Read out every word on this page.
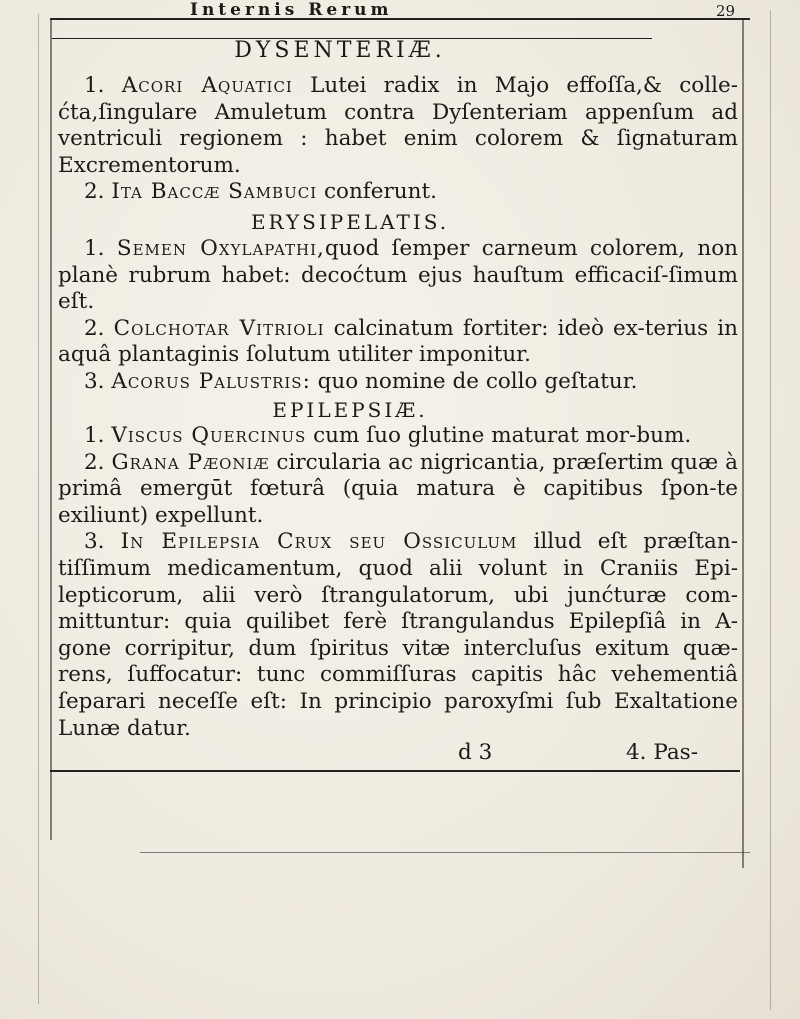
Internis Rerum	29
DYSENTERIÆ.

1. Acori Aquatici Lutei radix in Majo effoſſa,& colle-ćta,ſingulare Amuletum contra Dyſenteriam appenſum ad ventriculi regionem : habet enim colorem & ſignaturam Excrementorum.

2. Ita Baccæ Sambuci conferunt.

ERYSIPELATIS.

1. Semen Oxylapathi,quod ſemper carneum colorem, non planè rubrum habet: decoćtum ejus hauſtum efficaciſ-ſimum eſt.

2. Colchotar Vitrioli calcinatum fortiter: ideò ex-terius in aquâ plantaginis ſolutum utiliter imponitur.

3. Acorus Palustris: quo nomine de collo geſtatur.

EPILEPSIÆ.

1. Viscus Quercinus cum ſuo glutine maturat mor-bum.

2. Grana Pæoniæ circularia ac nigricantia, præſertim quæ à primâ emergūt fœturâ (quia matura è capitibus ſpon-te exiliunt) expellunt.

3. In Epilepſia Crux ſeu Ossiculum illud eſt præſtan-tiſſimum medicamentum, quod alii volunt in Craniis Epi-lepticorum, alii verò ſtrangulatorum, ubi junćturæ com-mittuntur: quia quilibet ferè ſtrangulandus Epilepſiâ in A-gone corripitur, dum ſpiritus vitæ intercluſus exitum quæ-rens, ſuffocatur: tunc commiſſuras capitis hâc vehementiâ ſeparari neceſſe eſt: In principio paroxyſmi ſub Exaltatione Lunæ datur.

d 3	4. Pas-
